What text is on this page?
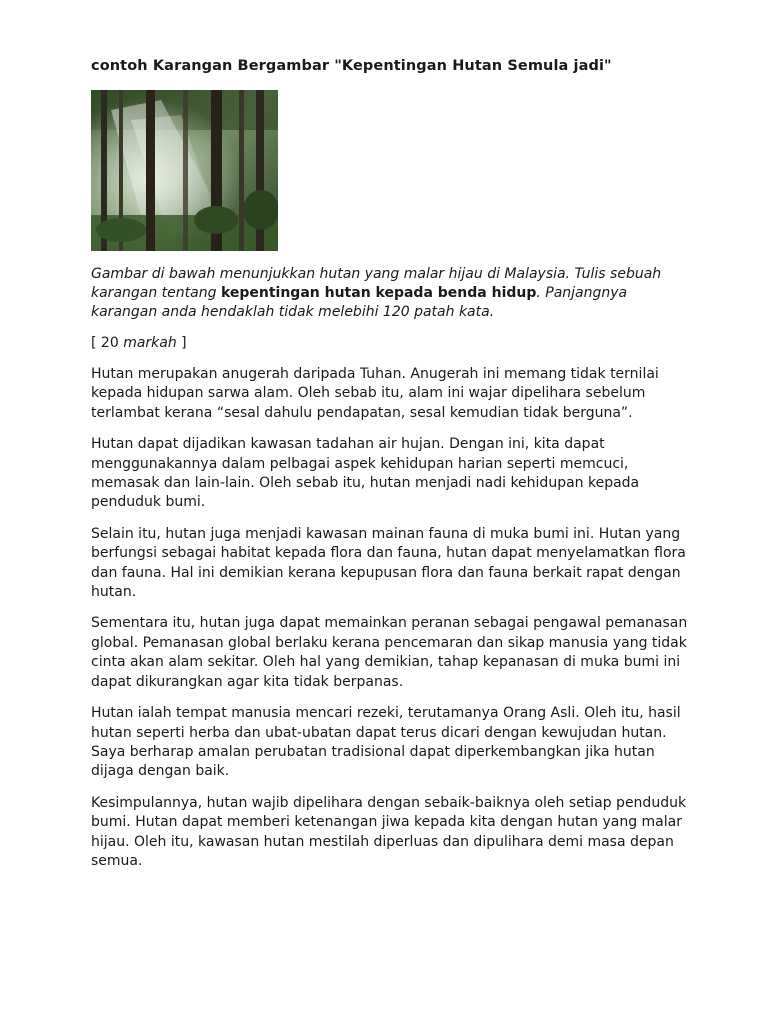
contoh Karangan Bergambar "Kepentingan Hutan Semula jadi"
Gambar di bawah menunjukkan hutan yang malar hijau di Malaysia. Tulis sebuah karangan tentang kepentingan hutan kepada benda hidup. Panjangnya karangan anda hendaklah tidak melebihi 120 patah kata.
[ 20 markah ]

Hutan merupakan anugerah daripada Tuhan. Anugerah ini memang tidak ternilai kepada hidupan sarwa alam. Oleh sebab itu, alam ini wajar dipelihara sebelum terlambat kerana “sesal dahulu pendapatan, sesal kemudian tidak berguna”.

Hutan dapat dijadikan kawasan tadahan air hujan. Dengan ini, kita dapat menggunakannya dalam pelbagai aspek kehidupan harian seperti memcuci, memasak dan lain-lain. Oleh sebab itu, hutan menjadi nadi kehidupan kepada penduduk bumi.

Selain itu, hutan juga menjadi kawasan mainan fauna di muka bumi ini. Hutan yang berfungsi sebagai habitat kepada flora dan fauna, hutan dapat menyelamatkan flora dan fauna. Hal ini demikian kerana kepupusan flora dan fauna berkait rapat dengan hutan.

Sementara itu, hutan juga dapat memainkan peranan sebagai pengawal pemanasan global. Pemanasan global berlaku kerana pencemaran dan sikap manusia yang tidak cinta akan alam sekitar. Oleh hal yang demikian, tahap kepanasan di muka bumi ini dapat dikurangkan agar kita tidak berpanas.

Hutan ialah tempat manusia mencari rezeki, terutamanya Orang Asli. Oleh itu, hasil hutan seperti herba dan ubat-ubatan dapat terus dicari dengan kewujudan hutan. Saya berharap amalan perubatan tradisional dapat diperkembangkan jika hutan dijaga dengan baik.

Kesimpulannya, hutan wajib dipelihara dengan sebaik-baiknya oleh setiap penduduk bumi. Hutan dapat memberi ketenangan jiwa kepada kita dengan hutan yang malar hijau. Oleh itu, kawasan hutan mestilah diperluas dan dipulihara demi masa depan semua.
